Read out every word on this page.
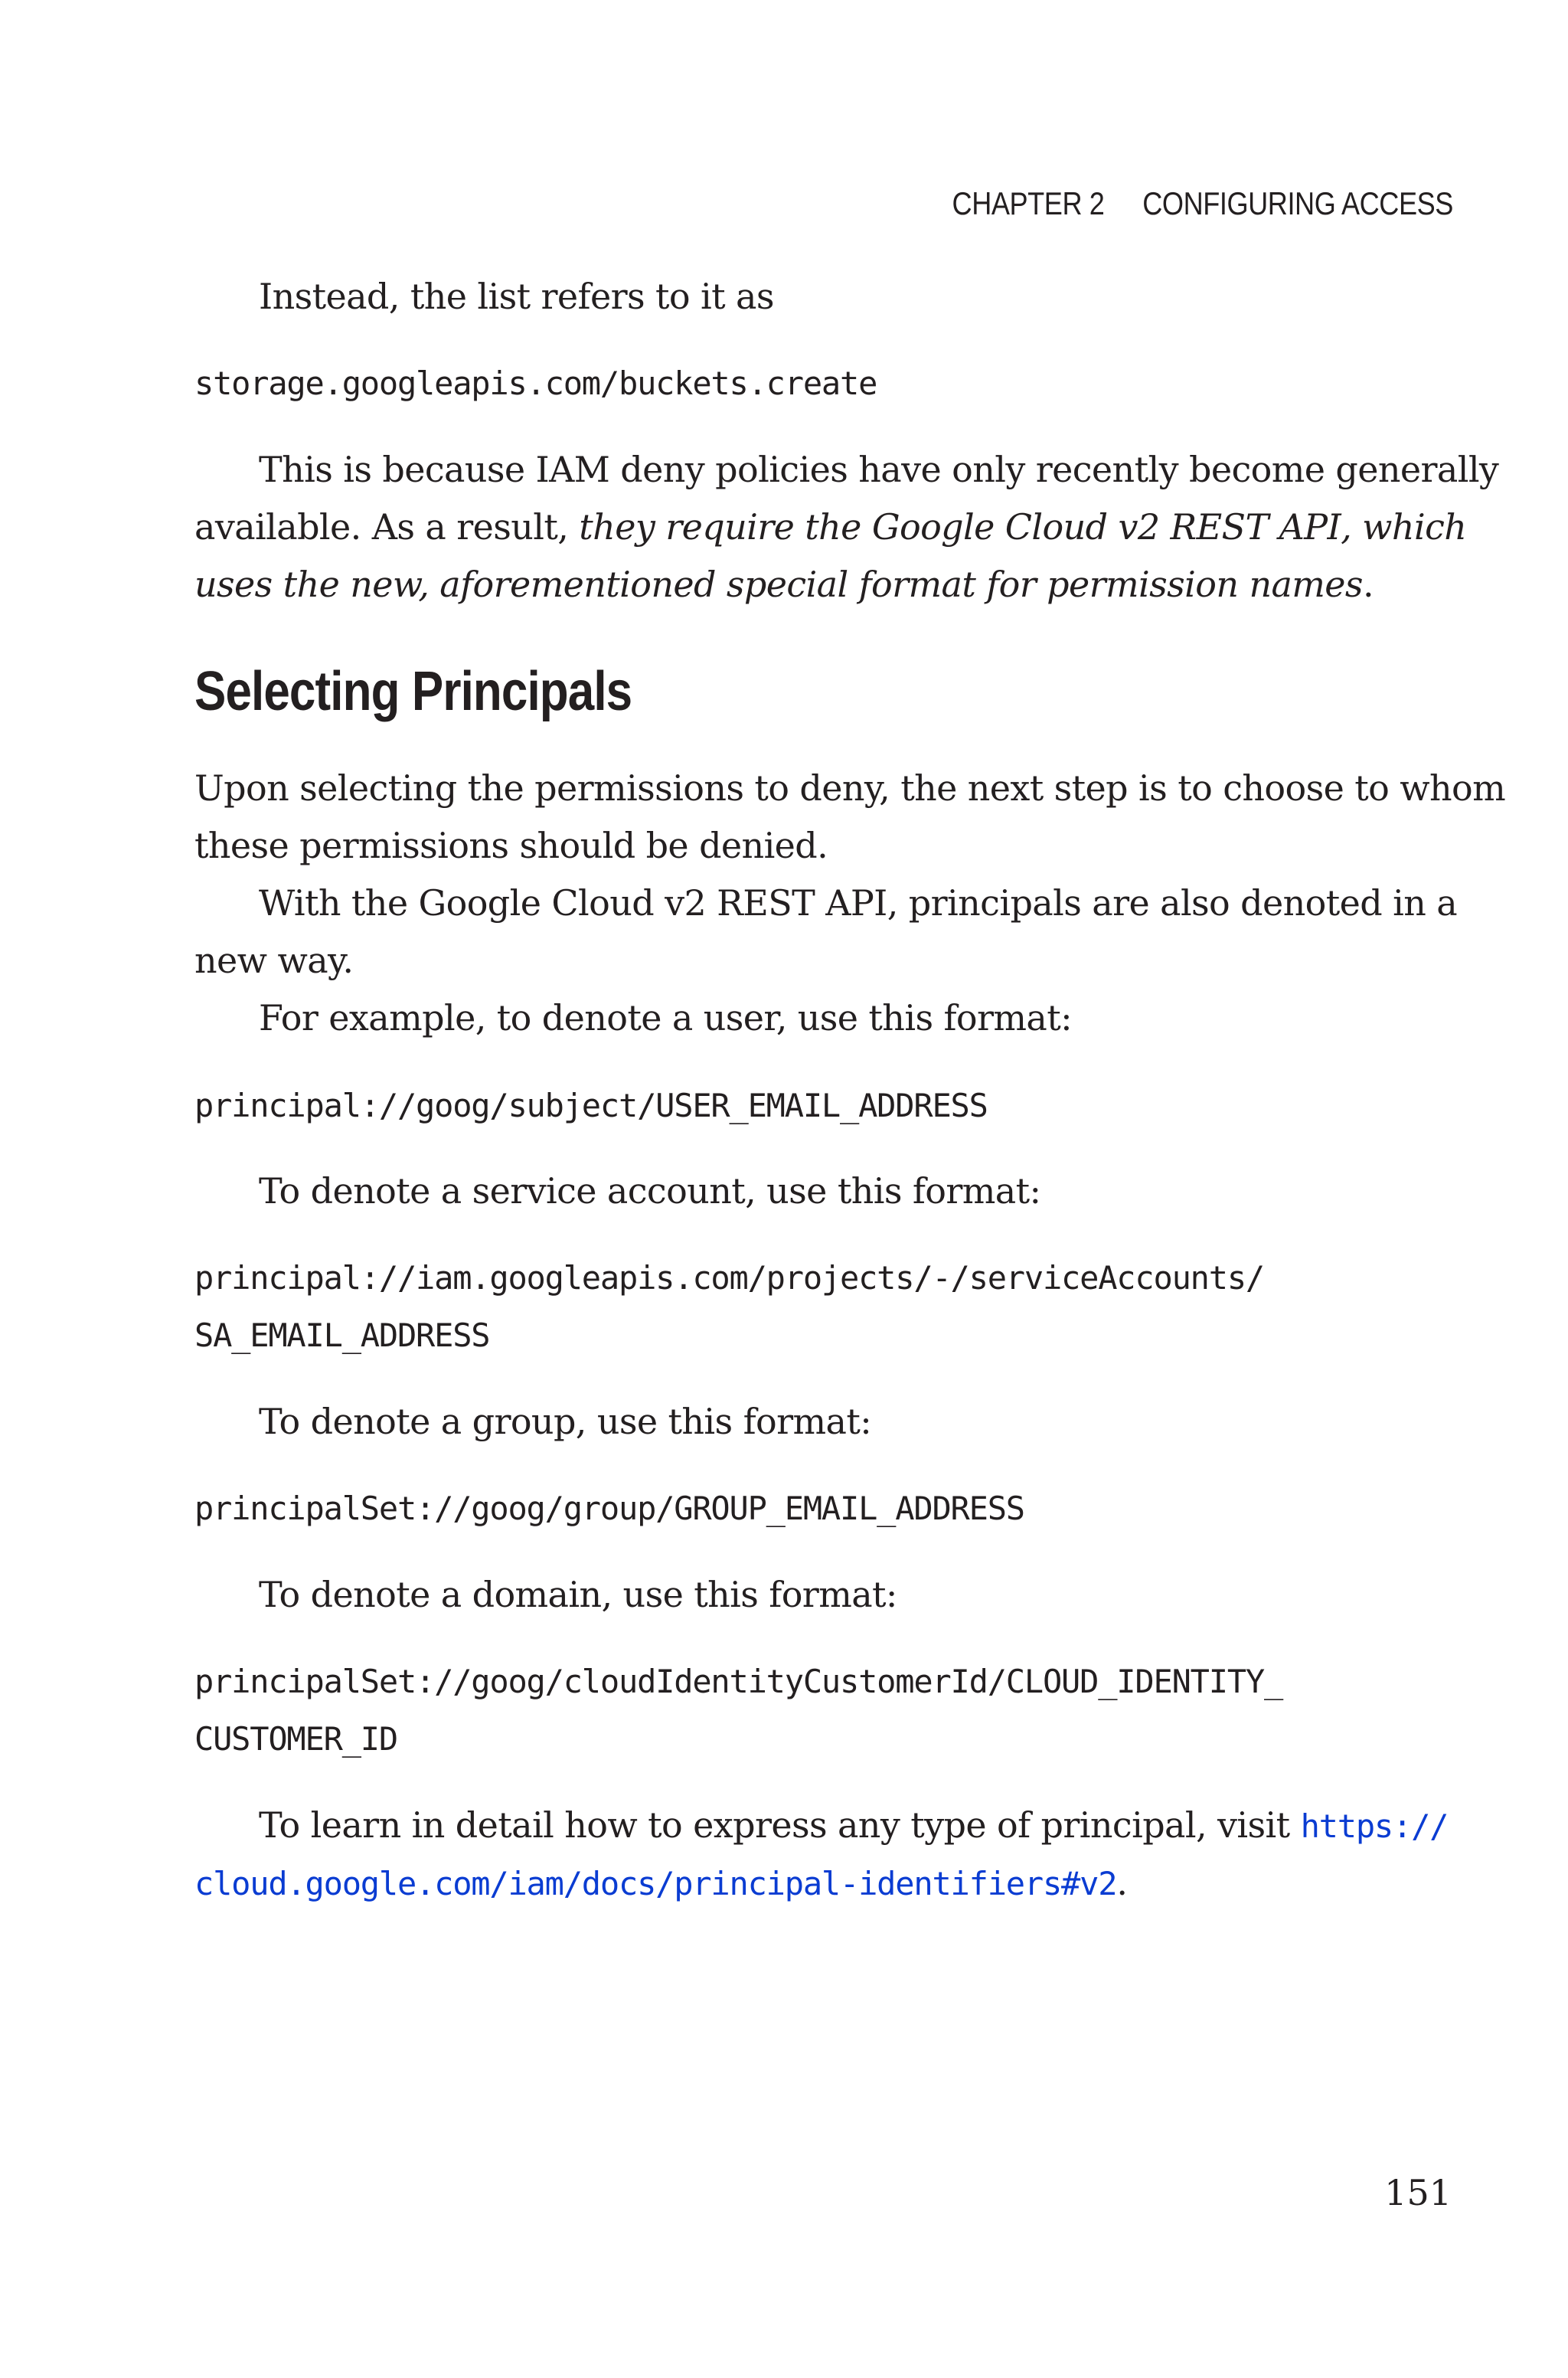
CHAPTER 2 CONFIGURING ACCESS
Instead, the list refers to it as
storage.googleapis.com/buckets.create
This is because IAM deny policies have only recently become generally
available. As a result, they require the Google Cloud v2 REST API, which
uses the new, aforementioned special format for permission names.
Selecting Principals
Upon selecting the permissions to deny, the next step is to choose to whom
these permissions should be denied.
With the Google Cloud v2 REST API, principals are also denoted in a
new way.
For example, to denote a user, use this format:
principal://goog/subject/USER_EMAIL_ADDRESS
To denote a service account, use this format:
principal://iam.googleapis.com/projects/-/serviceAccounts/
SA_EMAIL_ADDRESS
To denote a group, use this format:
principalSet://goog/group/GROUP_EMAIL_ADDRESS
To denote a domain, use this format:
principalSet://goog/cloudIdentityCustomerId/CLOUD_IDENTITY_
CUSTOMER_ID
To learn in detail how to express any type of principal, visit https://
cloud.google.com/iam/docs/principal-identifiers#v2.
151
